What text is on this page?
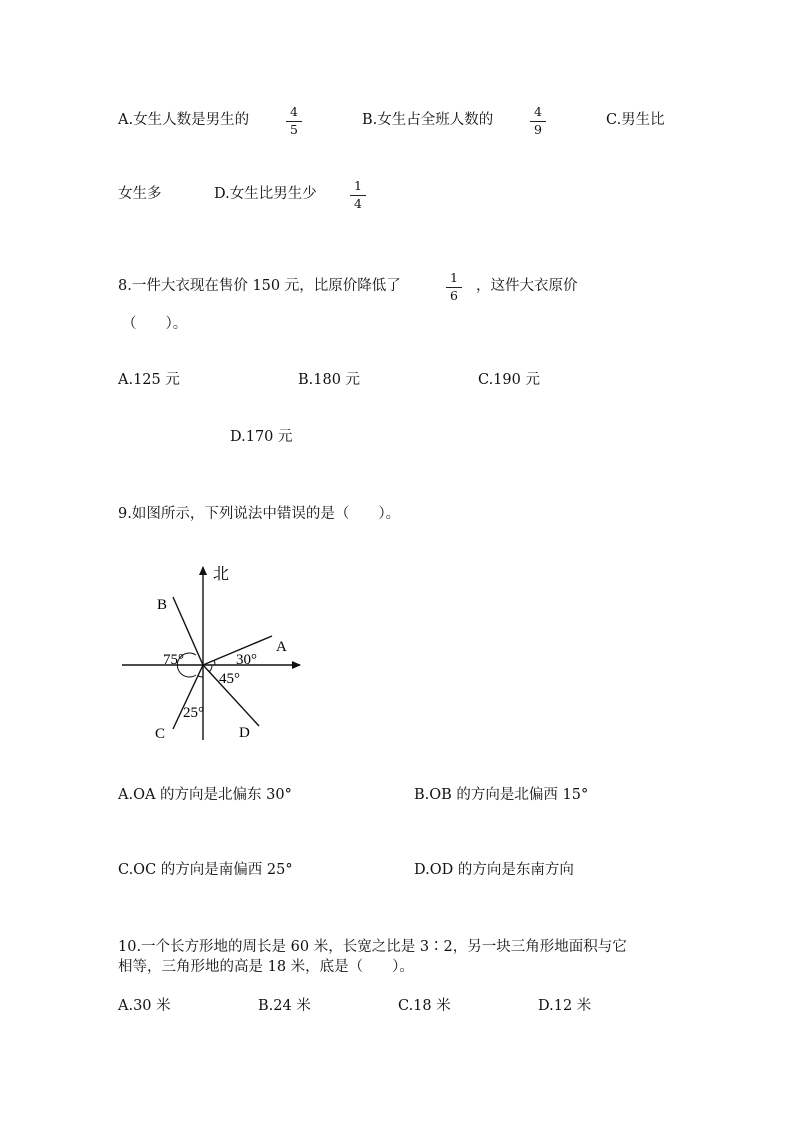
A.女生人数是男生的
4
5
B.女生占全班人数的
4
9
C.男生比
女生多	D.女生比男生少
1
4
8.一件大衣现在售价 150 元，比原价降低了
1
6
，这件大衣原价
（　　）。
A.125 元	B.180 元	C.190 元
D.170 元
9.如图所示，下列说法中错误的是（　　）。
北
A
B
C	D
30°
75°
45°
25°
A.OA 的方向是北偏东 30°	B.OB 的方向是北偏西 15°
C.OC 的方向是南偏西 25°	D.OD 的方向是东南方向
10.一个长方形地的周长是 60 米，长宽之比是 3∶2，另一块三角形地面积与它
相等，三角形地的高是 18 米，底是（　　）。
A.30 米	B.24 米	C.18 米	D.12 米
